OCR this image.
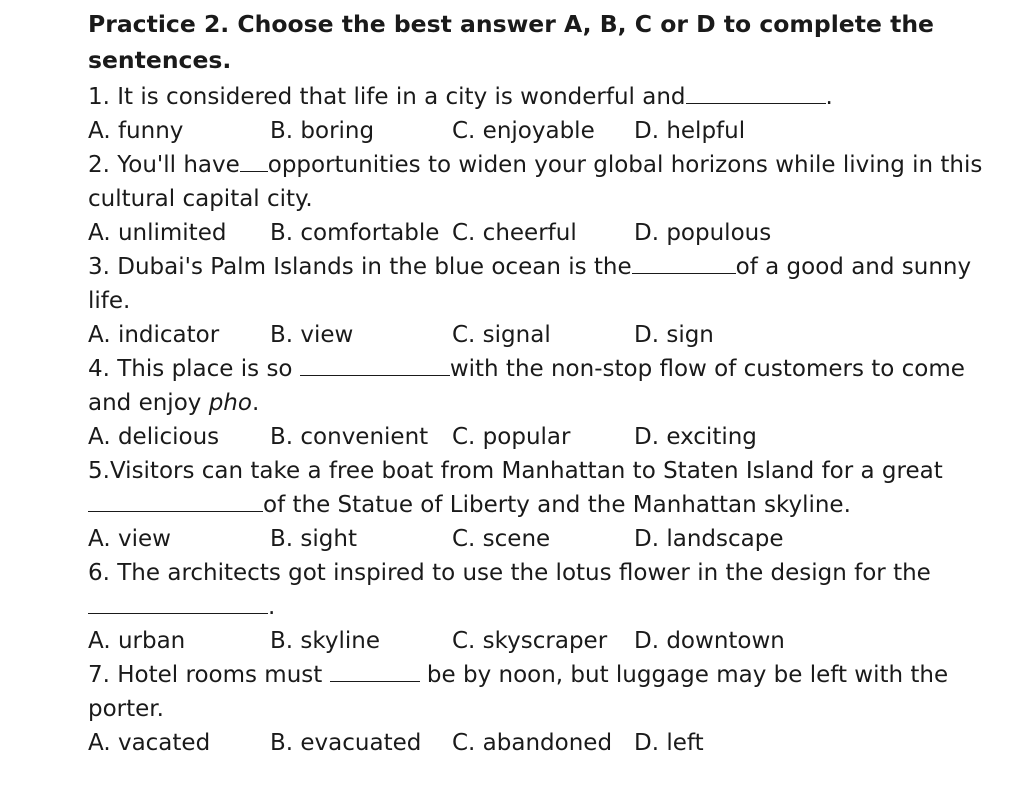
Practice 2. Choose the best answer A, B, C or D to complete the
sentences.
1. It is considered that life in a city is wonderful and	.
A. funny	B. boring	C. enjoyable	D. helpful
2. You'll have opportunities to widen your global horizons while living in this
cultural capital city.
A. unlimited	B. comfortable C. cheerful	D. populous
3. Dubai's Palm Islands in the blue ocean is the	of a good and sunny
life.
A. indicator	B. view	C. signal	D. sign
4. This place is so	with the non-stop flow of customers to come
and enjoy pho.
A. delicious	B. convenient	C. popular	D. exciting
5.Visitors can take a free boat from Manhattan to Staten Island for a great
of the Statue of Liberty and the Manhattan skyline.
A. view	B. sight	C. scene	D. landscape
6. The architects got inspired to use the lotus flower in the design for the
.
A. urban	B. skyline	C. skyscraper	D. downtown
7. Hotel rooms must	be by noon, but luggage may be left with the
porter.
A. vacated	B. evacuated	C. abandoned D. left
